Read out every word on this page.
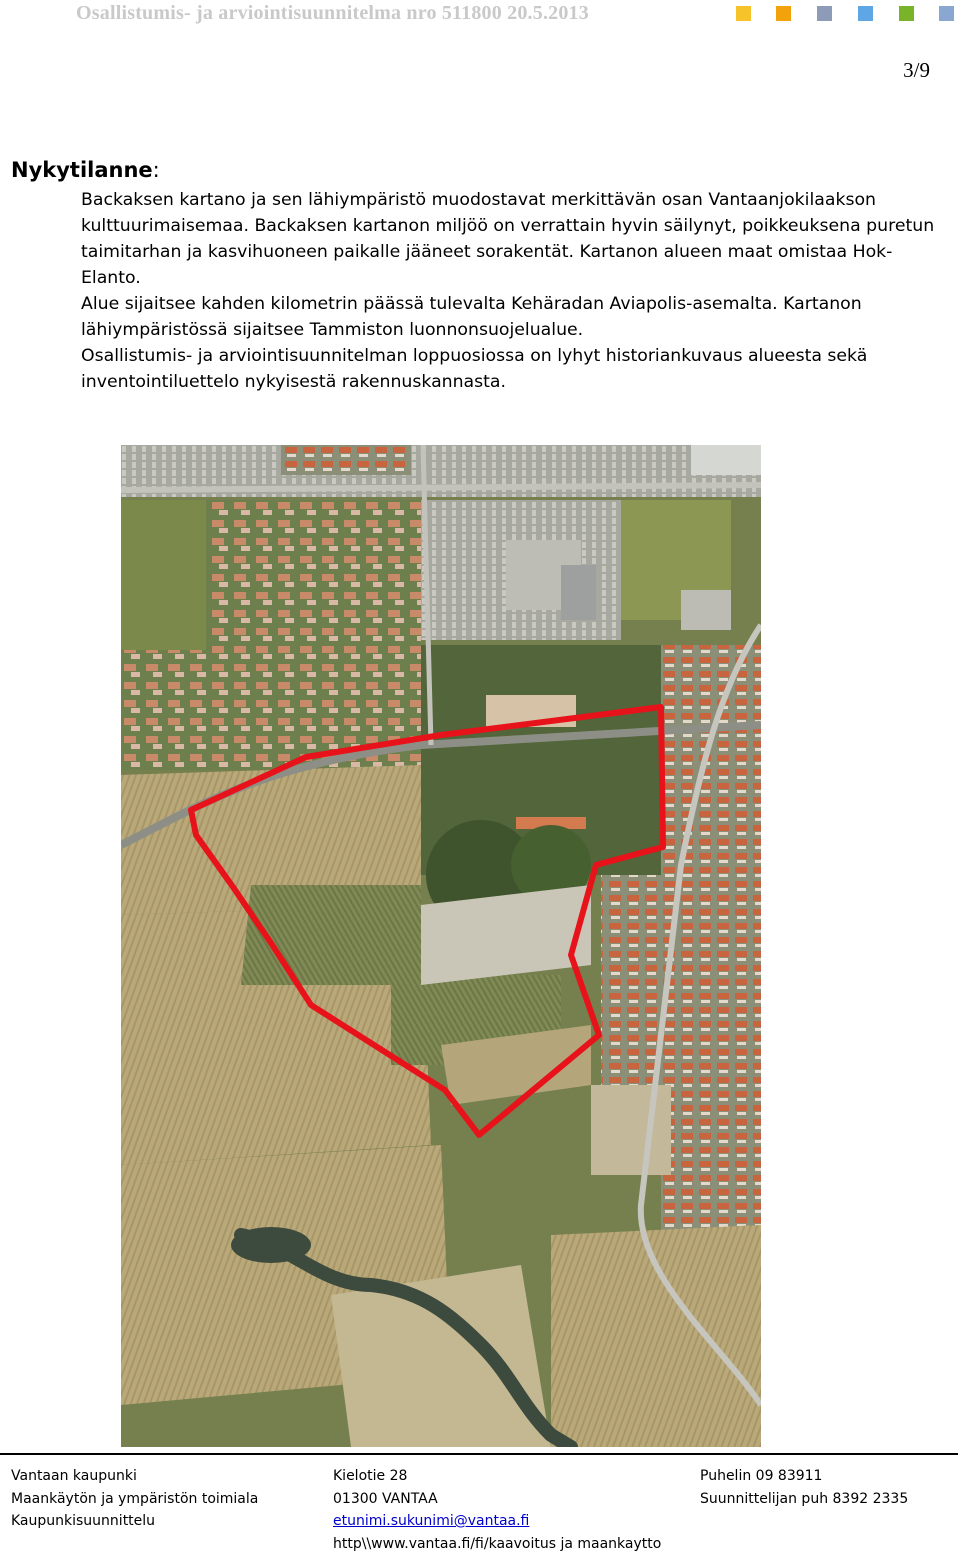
Osallistumis- ja arviointisuunnitelma nro 511800 20.5.2013
3/9
Nykytilanne:

Backaksen kartano ja sen lähiympäristö muodostavat merkittävän osan Vantaanjokilaakson kulttuurimaisemaa. Backaksen kartanon miljöö on verrattain hyvin säilynyt, poikkeuksena puretun taimitarhan ja kasvihuoneen paikalle jääneet sorakentät. Kartanon alueen maat omistaa Hok-Elanto.

Alue sijaitsee kahden kilometrin päässä tulevalta Kehäradan Aviapolis-asemalta. Kartanon lähiympäristössä sijaitsee Tammiston luonnonsuojelualue.

Osallistumis- ja arviointisuunnitelman loppuosiossa on lyhyt historiankuvaus alueesta sekä inventointiluettelo nykyisestä rakennuskannasta.

Vantaan kaupunki
Maankäytön ja ympäristön toimiala
Kaupunkisuunnittelu
Kielotie 28
01300 VANTAA
etunimi.sukunimi@vantaa.fi
http\\www.vantaa.fi/fi/kaavoitus ja maankaytto
Puhelin 09 83911
Suunnittelijan puh 8392 2335
